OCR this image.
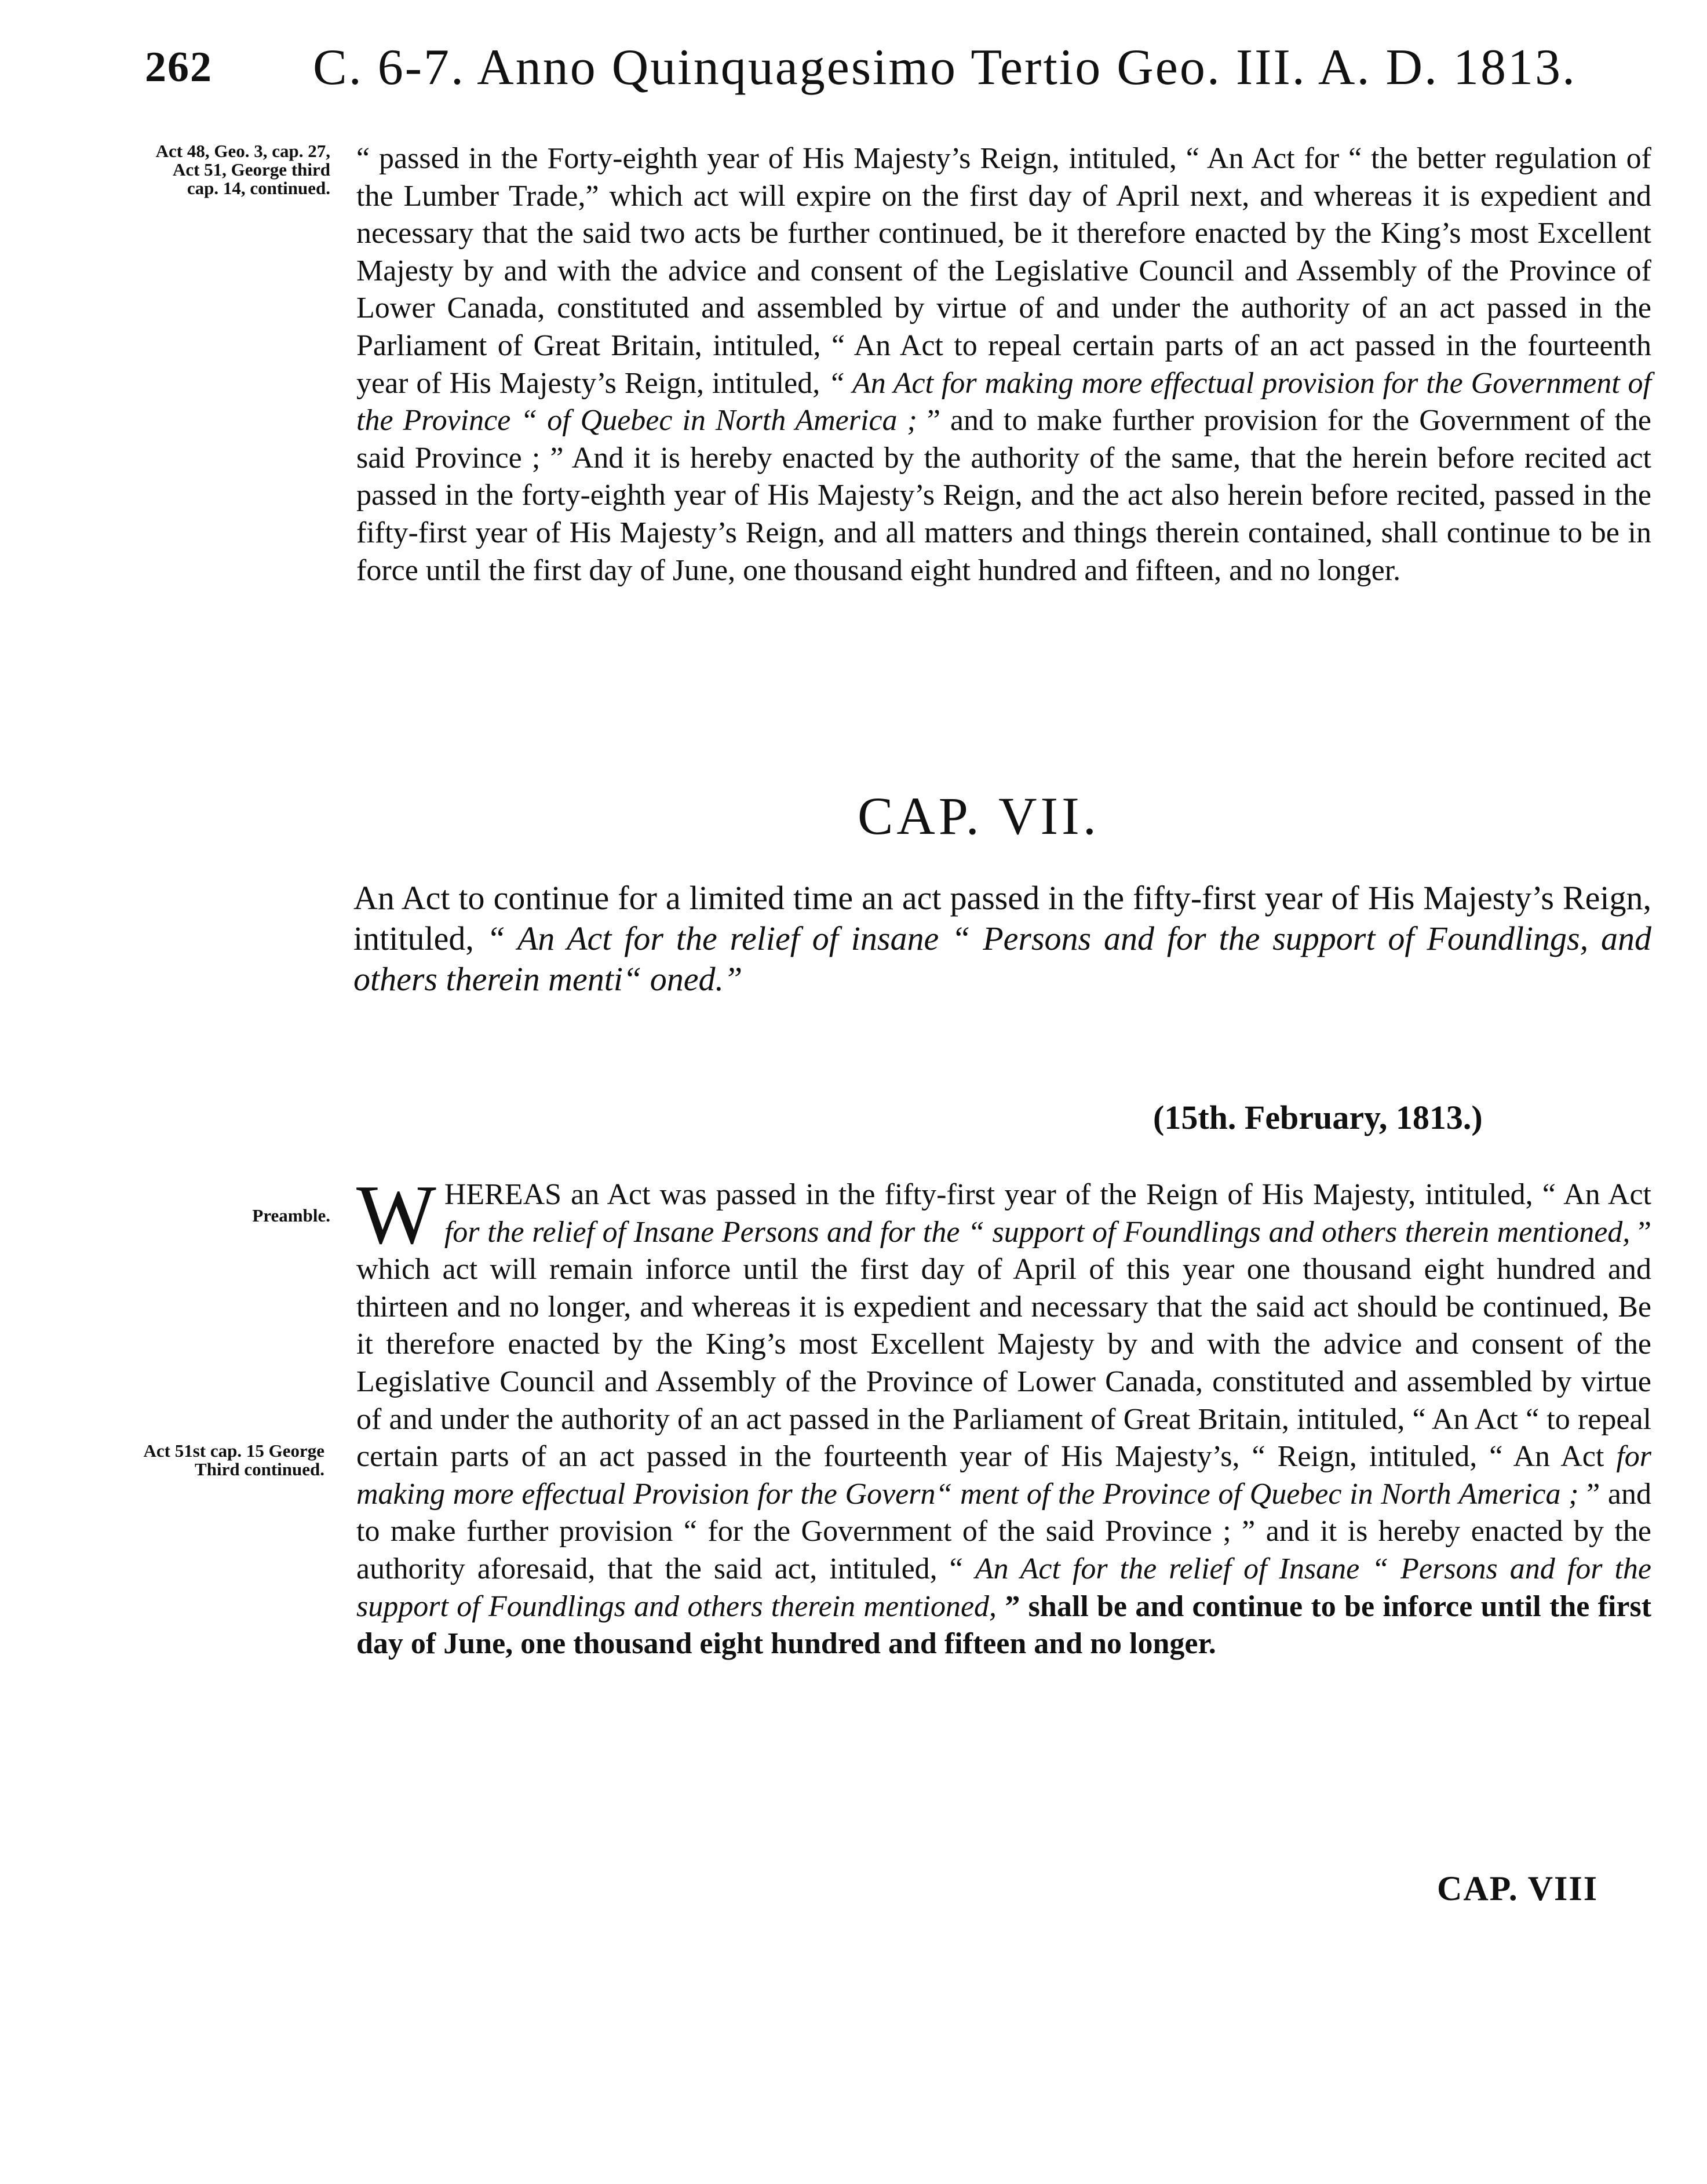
262 C. 6-7. Anno Quinquagesimo Tertio Geo. III. A. D. 1813.
Act 48, Geo. 3, cap. 27, Act 51, George third cap. 14, continued.
“ passed in the Forty-eighth year of His Majesty’s Reign, intituled, “ An Act for “ the better regulation of the Lumber Trade,” which act will expire on the first day of April next, and whereas it is expedient and necessary that the said two acts be further continued, be it therefore enacted by the King’s most Excellent Majesty by and with the advice and consent of the Legislative Council and Assembly of the Province of Lower Canada, constituted and assembled by virtue of and under the authority of an act passed in the Parliament of Great Britain, intituled, “ An Act to repeal certain parts of an act passed in the fourteenth year of His Majesty’s Reign, intituled, “ An Act for making more effectual provision for the Government of the Province “ of Quebec in North America ; ” and to make further provision for the Government of the said Province ; ” And it is hereby enacted by the authority of the same, that the herein before recited act passed in the forty-eighth year of His Majesty’s Reign, and the act also herein before recited, passed in the fifty-first year of His Majesty’s Reign, and all matters and things therein contained, shall continue to be in force until the first day of June, one thousand eight hundred and fifteen, and no longer.
CAP. VII.
An Act to continue for a limited time an act passed in the fifty-first year of His Majesty’s Reign, intituled, “ An Act for the relief of insane “ Persons and for the support of Foundlings, and others therein menti“ oned.”
(15th. February, 1813.)
Preamble.
Act 51st cap. 15 George Third continued.
W HEREAS an Act was passed in the fifty-first year of the Reign of His Majesty, intituled, “ An Act for the relief of Insane Persons and for the “ support of Foundlings and others therein mentioned, ” which act will remain inforce until the first day of April of this year one thousand eight hundred and thirteen and no longer, and whereas it is expedient and necessary that the said act should be continued, Be it therefore enacted by the King’s most Excellent Majesty by and with the advice and consent of the Legislative Council and Assembly of the Province of Lower Canada, constituted and assembled by virtue of and under the authority of an act passed in the Parliament of Great Britain, intituled, “ An Act “ to repeal certain parts of an act passed in the fourteenth year of His Majesty’s, “ Reign, intituled, “ An Act for making more effectual Provision for the Govern“ ment of the Province of Quebec in North America ; ” and to make further provision “ for the Government of the said Province ; ” and it is hereby enacted by the authority aforesaid, that the said act, intituled, “ An Act for the relief of Insane “ Persons and for the support of Foundlings and others therein mentioned, ” shall be and continue to be inforce until the first day of June, one thousand eight hundred and fifteen and no longer.
CAP. VIII
